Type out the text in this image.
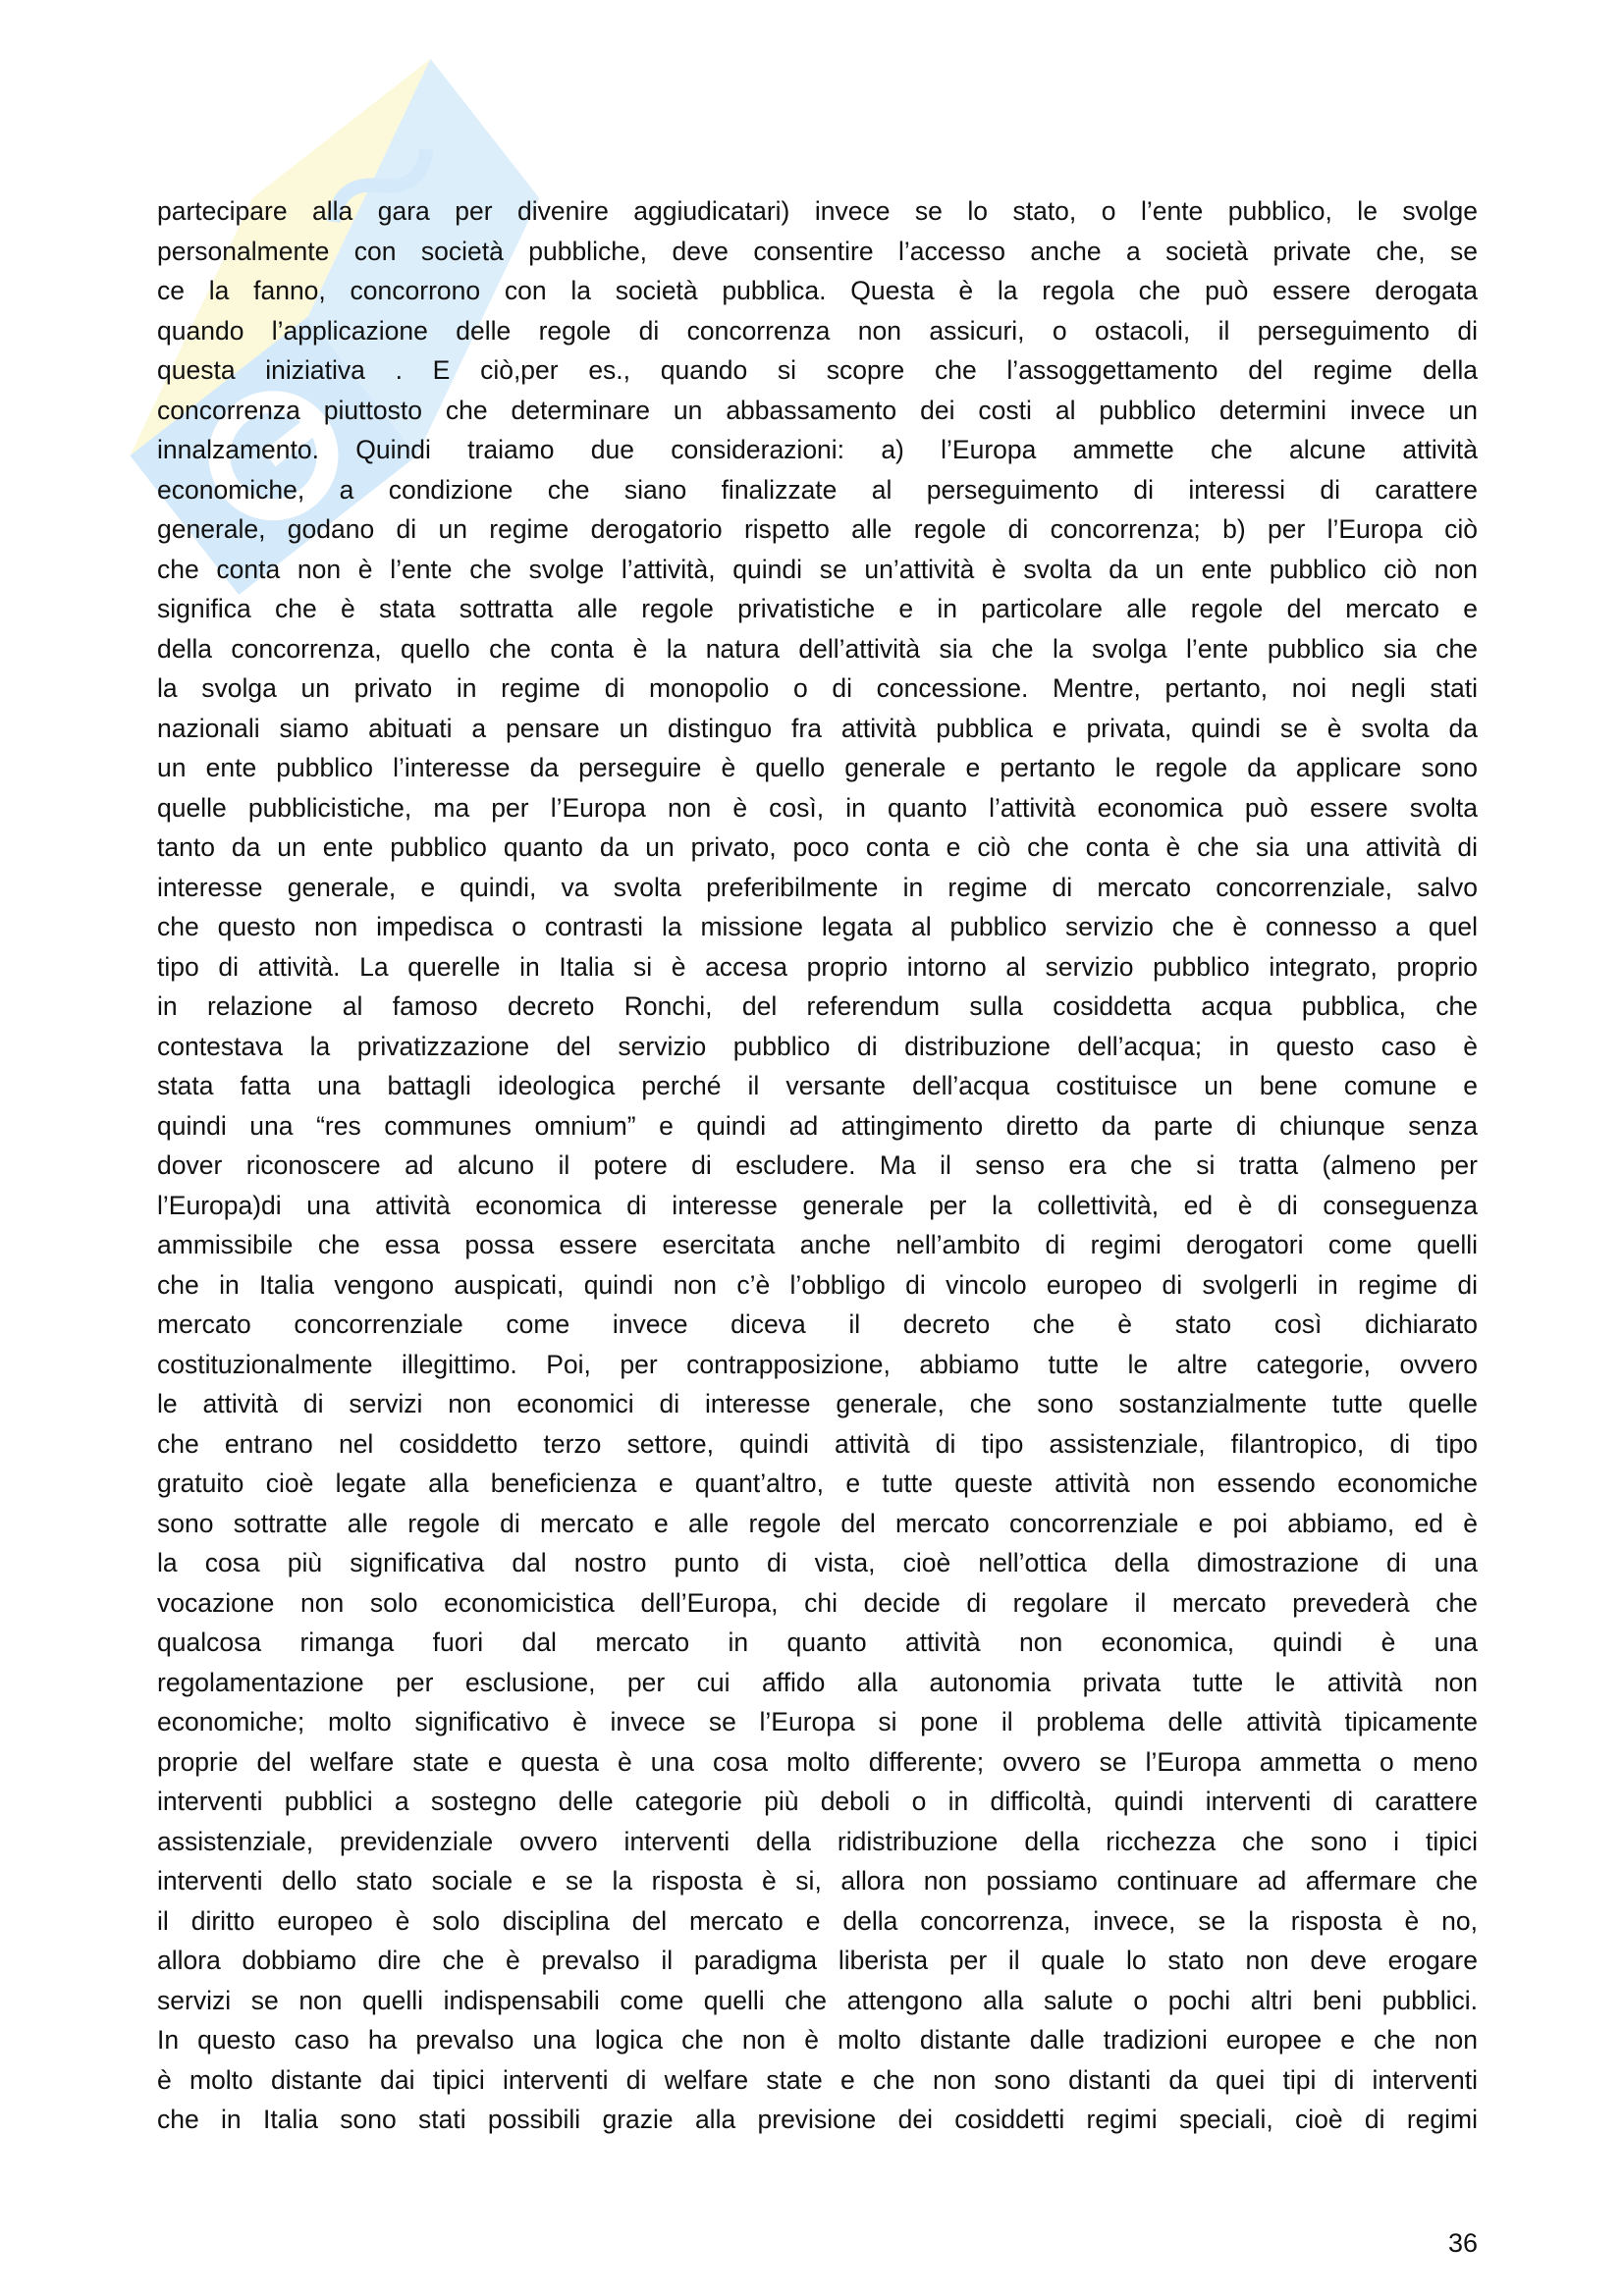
partecipare alla gara per divenire aggiudicatari) invece se lo stato, o l’ente pubblico, le svolge
personalmente con società pubbliche, deve consentire l’accesso anche a società private che, se
ce la fanno, concorrono con la società pubblica. Questa è la regola che può essere derogata
quando l’applicazione delle regole di concorrenza non assicuri, o ostacoli, il perseguimento di
questa iniziativa . E ciò,per es., quando si scopre che l’assoggettamento del regime della
concorrenza piuttosto che determinare un abbassamento dei costi al pubblico determini invece un
innalzamento. Quindi traiamo due considerazioni: a) l’Europa ammette che alcune attività
economiche, a condizione che siano finalizzate al perseguimento di interessi di carattere
generale, godano di un regime derogatorio rispetto alle regole di concorrenza; b) per l’Europa ciò
che conta non è l’ente che svolge l’attività, quindi se un’attività è svolta da un ente pubblico ciò non
significa che è stata sottratta alle regole privatistiche e in particolare alle regole del mercato e
della concorrenza, quello che conta è la natura dell’attività sia che la svolga l’ente pubblico sia che
la svolga un privato in regime di monopolio o di concessione. Mentre, pertanto, noi negli stati
nazionali siamo abituati a pensare un distinguo fra attività pubblica e privata, quindi se è svolta da
un ente pubblico l’interesse da perseguire è quello generale e pertanto le regole da applicare sono
quelle pubblicistiche, ma per l’Europa non è così, in quanto l’attività economica può essere svolta
tanto da un ente pubblico quanto da un privato, poco conta e ciò che conta è che sia una attività di
interesse generale, e quindi, va svolta preferibilmente in regime di mercato concorrenziale, salvo
che questo non impedisca o contrasti la missione legata al pubblico servizio che è connesso a quel
tipo di attività. La querelle in Italia si è accesa proprio intorno al servizio pubblico integrato, proprio
in relazione al famoso decreto Ronchi, del referendum sulla cosiddetta acqua pubblica, che
contestava la privatizzazione del servizio pubblico di distribuzione dell’acqua; in questo caso è
stata fatta una battagli ideologica perché il versante dell’acqua costituisce un bene comune e
quindi una “res communes omnium” e quindi ad attingimento diretto da parte di chiunque senza
dover riconoscere ad alcuno il potere di escludere. Ma il senso era che si tratta (almeno per
l’Europa)di una attività economica di interesse generale per la collettività, ed è di conseguenza
ammissibile che essa possa essere esercitata anche nell’ambito di regimi derogatori come quelli
che in Italia vengono auspicati, quindi non c’è l’obbligo di vincolo europeo di svolgerli in regime di
mercato concorrenziale come invece diceva il decreto che è stato così dichiarato
costituzionalmente illegittimo. Poi, per contrapposizione, abbiamo tutte le altre categorie, ovvero
le attività di servizi non economici di interesse generale, che sono sostanzialmente tutte quelle
che entrano nel cosiddetto terzo settore, quindi attività di tipo assistenziale, filantropico, di tipo
gratuito cioè legate alla beneficienza e quant’altro, e tutte queste attività non essendo economiche
sono sottratte alle regole di mercato e alle regole del mercato concorrenziale e poi abbiamo, ed è
la cosa più significativa dal nostro punto di vista, cioè nell’ottica della dimostrazione di una
vocazione non solo economicistica dell’Europa, chi decide di regolare il mercato prevederà che
qualcosa rimanga fuori dal mercato in quanto attività non economica, quindi è una
regolamentazione per esclusione, per cui affido alla autonomia privata tutte le attività non
economiche; molto significativo è invece se l’Europa si pone il problema delle attività tipicamente
proprie del welfare state e questa è una cosa molto differente; ovvero se l’Europa ammetta o meno
interventi pubblici a sostegno delle categorie più deboli o in difficoltà, quindi interventi di carattere
assistenziale, previdenziale ovvero interventi della ridistribuzione della ricchezza che sono i tipici
interventi dello stato sociale e se la risposta è si, allora non possiamo continuare ad affermare che
il diritto europeo è solo disciplina del mercato e della concorrenza, invece, se la risposta è no,
allora dobbiamo dire che è prevalso il paradigma liberista per il quale lo stato non deve erogare
servizi se non quelli indispensabili come quelli che attengono alla salute o pochi altri beni pubblici.
In questo caso ha prevalso una logica che non è molto distante dalle tradizioni europee e che non
è molto distante dai tipici interventi di welfare state e che non sono distanti da quei tipi di interventi
che in Italia sono stati possibili grazie alla previsione dei cosiddetti regimi speciali, cioè di regimi
36
